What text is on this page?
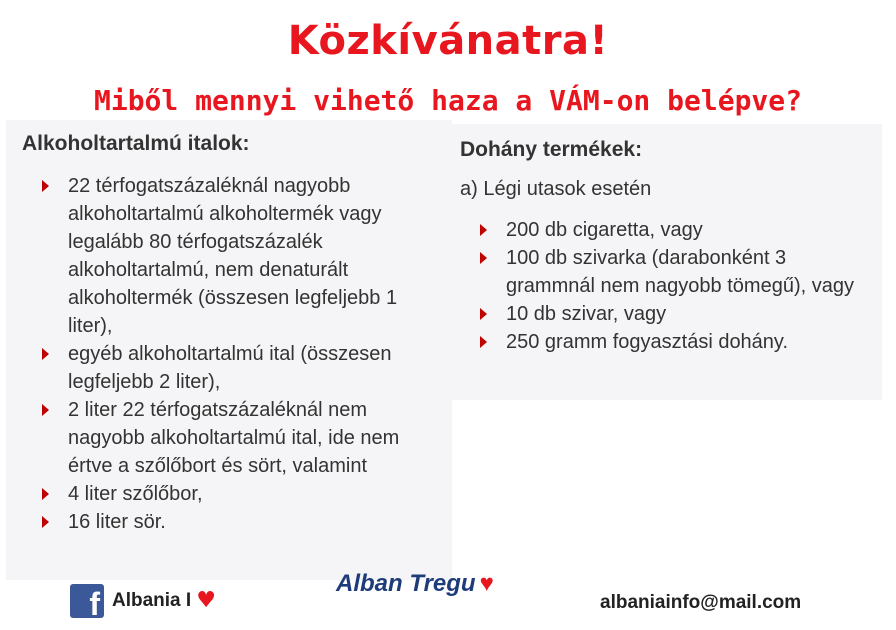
Közkívánatra!
Miből mennyi vihető haza a VÁM-on belépve?
Alkoholtartalmú italok:
22 térfogatszázaléknál nagyobb alkoholtartalmú alkoholtermék vagy legalább 80 térfogatszázalék alkoholtartalmú, nem denaturált alkoholtermék (összesen legfeljebb 1 liter),
egyéb alkoholtartalmú ital (összesen legfeljebb 2 liter),
2 liter 22 térfogatszázaléknál nem nagyobb alkoholtartalmú ital, ide nem értve a szőlőbort és sört, valamint
4 liter szőlőbor,
16 liter sör.
Dohány termékek:
a) Légi utasok esetén
200 db cigaretta, vagy
100 db szivarka (darabonként 3 grammnál nem nagyobb tömegű), vagy
10 db szivar, vagy
250 gramm fogyasztási dohány.
f Albania I ♥
Alban Tregu ♥
albaniainfo@mail.com
